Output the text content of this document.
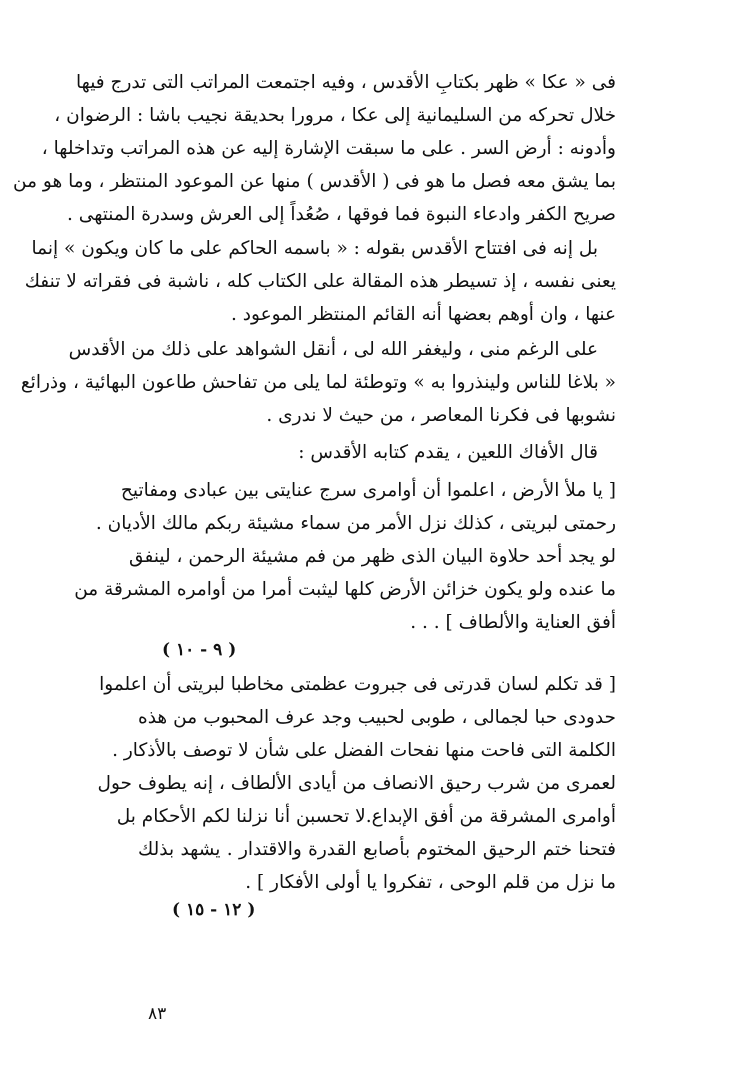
فى « عكا » ظهر بكتابِ الأقدس ، وفيه اجتمعت المراتب التى تدرج فيها
خلال تحركه من السليمانية إلى عكا ، مرورا بحديقة نجيب باشا : الرضوان ،
وأدونه : أرض السر . على ما سبقت الإشارة إليه عن هذه المراتب وتداخلها ،
بما يشق معه فصل ما هو فى ( الأقدس ) منها عن الموعود المنتظر ، وما هو من
صريح الكفر وادعاء النبوة فما فوقها ، صُعُداً إلى العرش وسدرة المنتهى .
بل إنه فى افتتاح الأقدس بقوله : « باسمه الحاكم على ما كان ويكون » إنما
يعنى نفسه ، إذ تسيطر هذه المقالة على الكتاب كله ، ناشبة فى فقراته لا تنفك
عنها ، وان أوهم بعضها أنه القائم المنتظر الموعود .
على الرغم منى ، وليغفر الله لى ، أنقل الشواهد على ذلك من الأقدس
« بلاغا للناس ولينذروا به » وتوطئة لما يلى من تفاحش طاعون البهائية ، وذرائع
نشوبها فى فكرنا المعاصر ، من حيث لا ندرى .
قال الأفاك اللعين ، يقدم كتابه الأقدس :
[ يا ملأ الأرض ، اعلموا أن أوامرى سرج عنايتى بين عبادى ومفاتيح
رحمتى لبريتى ، كذلك نزل الأمر من سماء مشيئة ربكم مالك الأديان .
لو يجد أحد حلاوة البيان الذى ظهر من فم مشيئة الرحمن ، لينفق
ما عنده ولو يكون خزائن الأرض كلها ليثبت أمرا من أوامره المشرقة من
أفق العناية والألطاف ] . . .
( ٩ - ١٠ )
[ قد تكلم لسان قدرتى فى جبروت عظمتى مخاطبا لبريتى أن اعلموا
حدودى حبا لجمالى ، طوبى لحبيب وجد عرف المحبوب من هذه
الكلمة التى فاحت منها نفحات الفضل على شأن لا توصف بالأذكار .
لعمرى من شرب رحيق الانصاف من أيادى الألطاف ، إنه يطوف حول
أوامرى المشرقة من أفق الإبداع.لا تحسبن أنا نزلنا لكم الأحكام بل
فتحنا ختم الرحيق المختوم بأصابع القدرة والاقتدار . يشهد بذلك
ما نزل من قلم الوحى ، تفكروا يا أولى الأفكار ] .
( ١٢ - ١٥ )
٨٣
